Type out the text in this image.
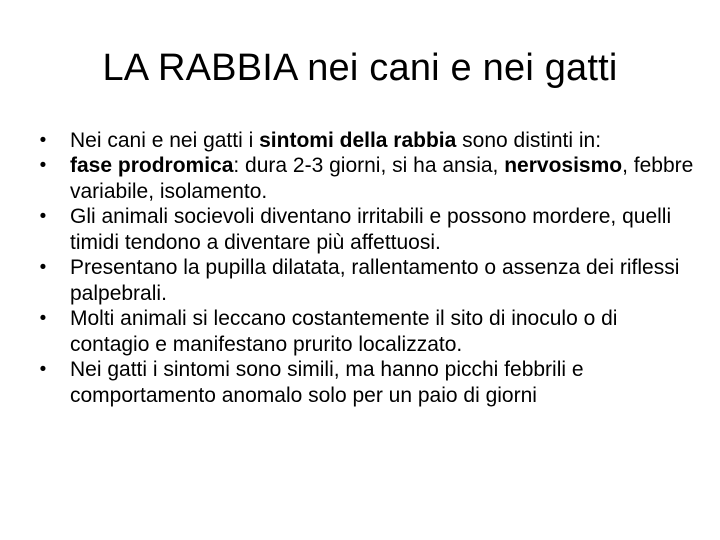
LA RABBIA nei cani e nei gatti
• Nei cani e nei gatti i sintomi della rabbia sono distinti in:
• fase prodromica: dura 2-3 giorni, si ha ansia, nervosismo, febbre variabile, isolamento.
• Gli animali socievoli diventano irritabili e possono mordere, quelli timidi tendono a diventare più affettuosi.
• Presentano la pupilla dilatata, rallentamento o assenza dei riflessi palpebrali.
• Molti animali si leccano costantemente il sito di inoculo o di contagio e manifestano prurito localizzato.
• Nei gatti i sintomi sono simili, ma hanno picchi febbrili e comportamento anomalo solo per un paio di giorni
